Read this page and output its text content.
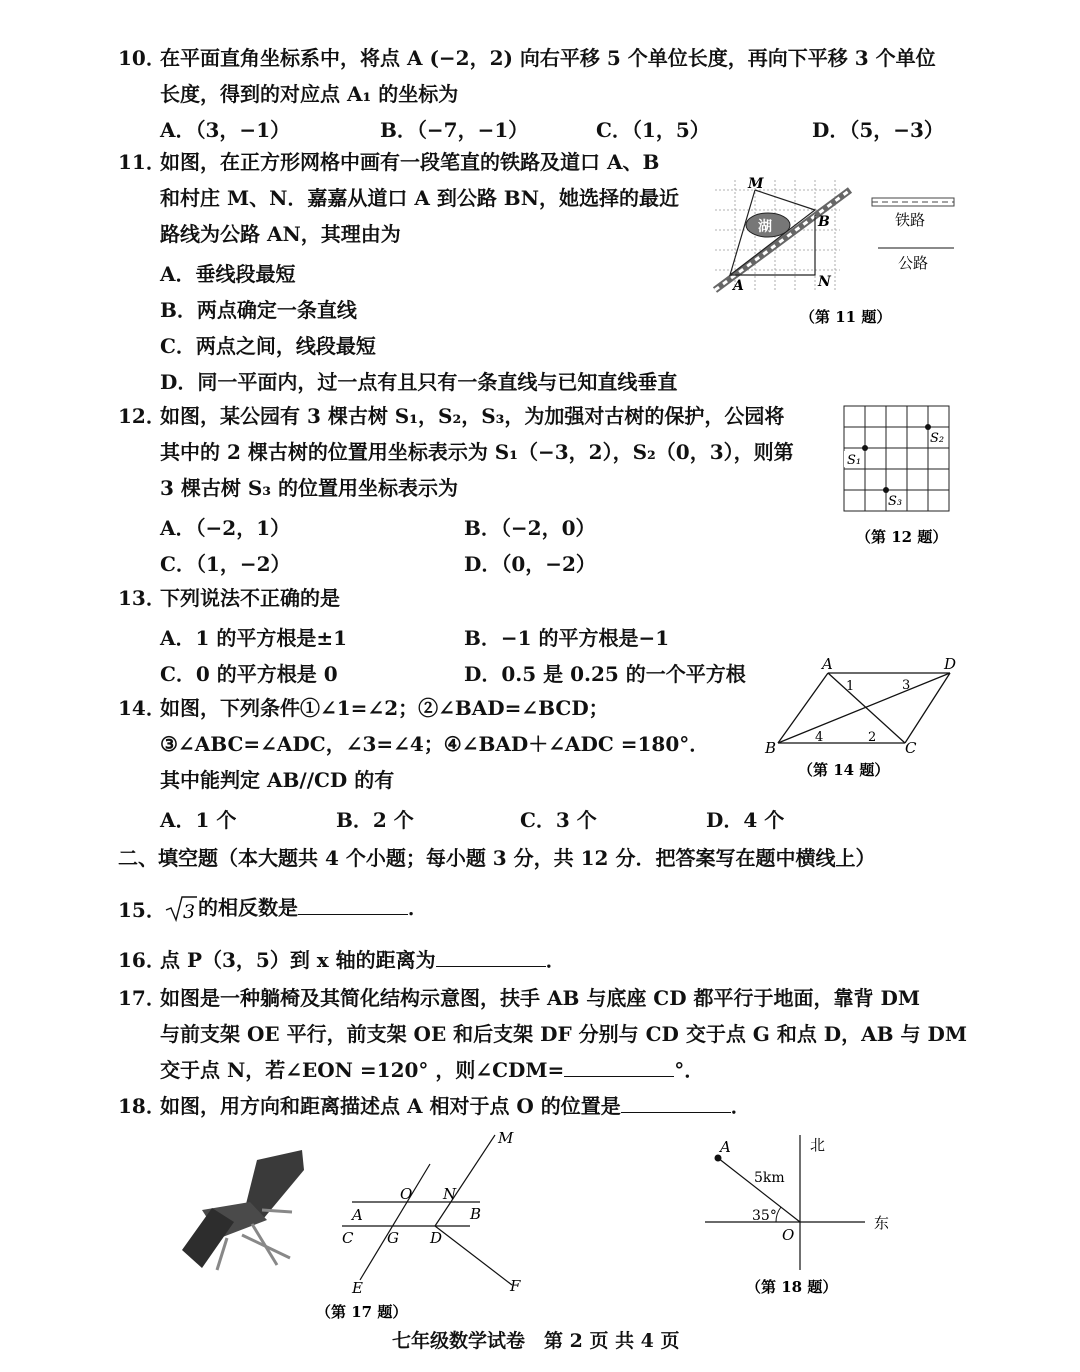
10．
在平面直角坐标系中，将点 A (−2，2) 向右平移 5 个单位长度，再向下平移 3 个单位
长度，得到的对应点 A₁ 的坐标为
A．（3，−1）	B．（−7，−1）	C．（1，5）	D．（5，−3）
11．
如图，在正方形网格中画有一段笔直的铁路及道口 A、B
和村庄 M、N．嘉嘉从道口 A 到公路 BN，她选择的最近
路线为公路 AN，其理由为
A．垂线段最短
B．两点确定一条直线
C．两点之间，线段最短
D．同一平面内，过一点有且只有一条直线与已知直线垂直
湖
M
B
A	N
铁路
公路
（第 11 题）
12．
如图，某公园有 3 棵古树 S₁，S₂，S₃，为加强对古树的保护，公园将
其中的 2 棵古树的位置用坐标表示为 S₁（−3，2），S₂（0，3），则第
3 棵古树 S₃ 的位置用坐标表示为
A．（−2，1）	B．（−2，0）
C．（1，−2）	D．（0，−2）
S₁
S₂
S₃
（第 12 题）
13．
下列说法不正确的是
A．1 的平方根是±1	B．−1 的平方根是−1
C．0 的平方根是 0	D．0.5 是 0.25 的一个平方根	A	D
B	C
1
2
3
4
（第 14 题）
14．
如图，下列条件①∠1=∠2；②∠BAD=∠BCD；
③∠ABC=∠ADC，∠3=∠4；④∠BAD＋∠ADC =180°．
其中能判定 AB//CD 的有
A．1 个	B．2 个	C．3 个	D．4 个
二、填空题（本大题共 4 个小题；每小题 3 分，共 12 分．把答案写在题中横线上）
15． 3 的相反数是	．
16．
点 P（3，5）到 x 轴的距离为	．
17．
如图是一种躺椅及其简化结构示意图，扶手 AB 与底座 CD 都平行于地面，靠背 DM
与前支架 OE 平行，前支架 OE 和后支架 DF 分别与 CD 交于点 G 和点 D，AB 与 DM
交于点 N，若∠EON =120° ，则∠CDM=	°．
18．
如图，用方向和距离描述点 A 相对于点 O 的位置是	．
M
O N
A	B
C G D
E	F
（第 17 题）
北
东
A
O
5km
35°
（第 18 题）
七年级数学试卷　第 2 页 共 4 页
